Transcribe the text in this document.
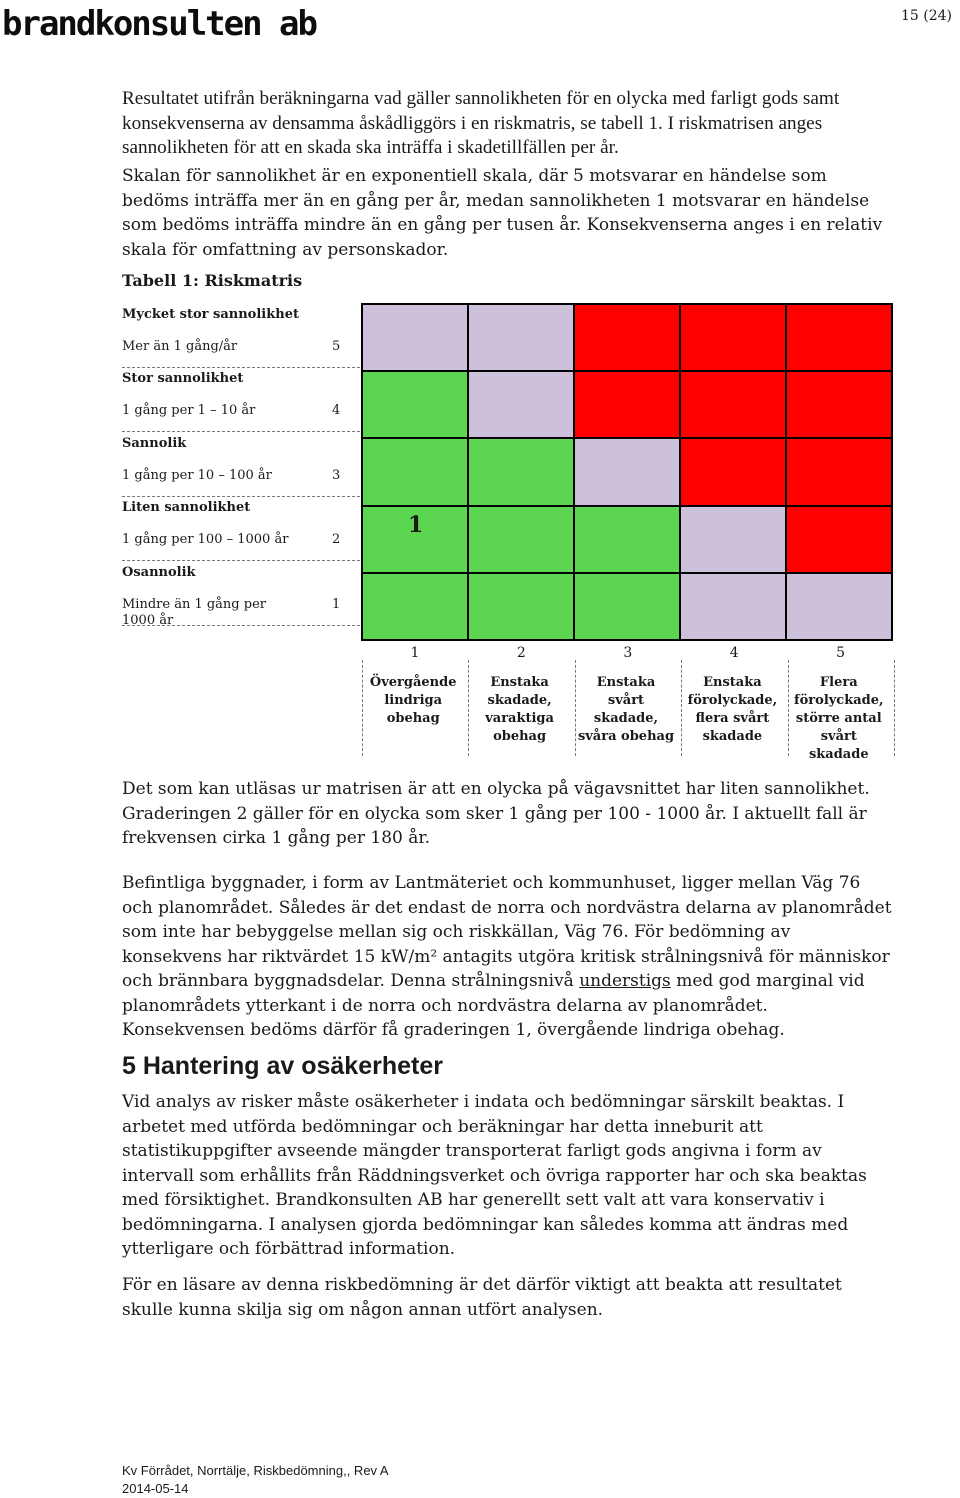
brandkonsulten ab	15 (24)

Resultatet utifrån beräkningarna vad gäller sannolikheten för en olycka med farligt gods samt konsekvenserna av densamma åskådliggörs i en riskmatris, se tabell 1. I riskmatrisen anges sannolikheten för att en skada ska inträffa i skadetillfällen per år.

Skalan för sannolikhet är en exponentiell skala, där 5 motsvarar en händelse som bedöms inträffa mer än en gång per år, medan sannolikheten 1 motsvarar en händelse som bedöms inträffa mindre än en gång per tusen år. Konsekvenserna anges i en relativ skala för omfattning av personskador.

Tabell 1: Riskmatris
Mycket stor sannolikhet
Mer än 1 gång/år	5
Stor sannolikhet
1 gång per 1 – 10 år	4
Sannolik
1 gång per 10 – 100 år	3
Liten sannolikhet
1 gång per 100 – 1000 år	2
Osannolik
Mindre än 1 gång per 1000 år
1
1
1
Övergående lindriga obehag
2
Enstaka skadade, varaktiga obehag
3
Enstaka svårt skadade, svåra obehag
4
Enstaka förolyckade, flera svårt skadade
5
Flera förolyckade, större antal svårt skadade

Det som kan utläsas ur matrisen är att en olycka på vägavsnittet har liten sannolikhet. Graderingen 2 gäller för en olycka som sker 1 gång per 100 - 1000 år. I aktuellt fall är frekvensen cirka 1 gång per 180 år.

Befintliga byggnader, i form av Lantmäteriet och kommunhuset, ligger mellan Väg 76 och planområdet. Således är det endast de norra och nordvästra delarna av planområdet som inte har bebyggelse mellan sig och riskkällan, Väg 76. För bedömning av konsekvens har riktvärdet 15 kW/m² antagits utgöra kritisk strålningsnivå för människor och brännbara byggnadsdelar. Denna strålningsnivå understigs med god marginal vid planområdets ytterkant i de norra och nordvästra delarna av planområdet. Konsekvensen bedöms därför få graderingen 1, övergående lindriga obehag.

5 Hantering av osäkerheter

Vid analys av risker måste osäkerheter i indata och bedömningar särskilt beaktas. I arbetet med utförda bedömningar och beräkningar har detta inneburit att statistikuppgifter avseende mängder transporterat farligt gods angivna i form av intervall som erhållits från Räddningsverket och övriga rapporter har och ska beaktas med försiktighet. Brandkonsulten AB har generellt sett valt att vara konservativ i bedömningarna. I analysen gjorda bedömningar kan således komma att ändras med ytterligare och förbättrad information.

För en läsare av denna riskbedömning är det därför viktigt att beakta att resultatet skulle kunna skilja sig om någon annan utfört analysen.

Kv Förrådet, Norrtälje, Riskbedömning,, Rev A
2014-05-14
